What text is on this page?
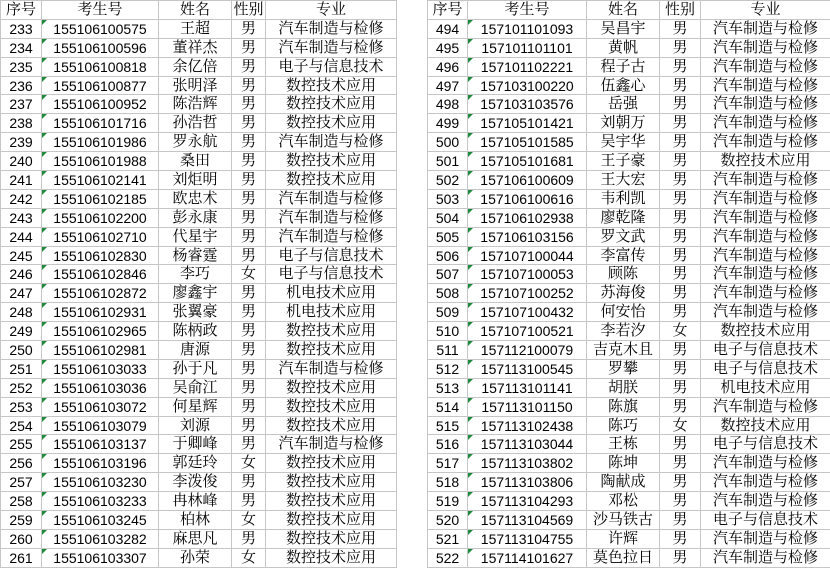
序号	考生号	姓名	性别	专业
233	155106100575	王超	男	汽车制造与检修
234	155106100596	董祥杰	男	汽车制造与检修
235	155106100818	余亿倍	男	电子与信息技术
236	155106100877	张明泽	男	数控技术应用
237	155106100952	陈浩辉	男	数控技术应用
238	155106101716	孙浩哲	男	数控技术应用
239	155106101986	罗永航	男	汽车制造与检修
240	155106101988	桑田	男	数控技术应用
241	155106102141	刘炬明	男	数控技术应用
242	155106102185	欧忠术	男	汽车制造与检修
243	155106102200	彭永康	男	汽车制造与检修
244	155106102710	代星宇	男	汽车制造与检修
245	155106102830	杨睿霆	男	电子与信息技术
246	155106102846	李巧	女	电子与信息技术
247	155106102872	廖鑫宇	男	机电技术应用
248	155106102931	张翼豪	男	机电技术应用
249	155106102965	陈柄政	男	数控技术应用
250	155106102981	唐源	男	数控技术应用
251	155106103033	孙于凡	男	汽车制造与检修
252	155106103036	吴俞江	男	数控技术应用
253	155106103072	何星辉	男	数控技术应用
254	155106103079	刘源	男	数控技术应用
255	155106103137	于卿峰	男	汽车制造与检修
256	155106103196	郭廷玲	女	数控技术应用
257	155106103230	李泼俊	男	数控技术应用
258	155106103233	冉林峰	男	数控技术应用
259	155106103245	柏林	女	数控技术应用
260	155106103282	麻思凡	男	数控技术应用
261	155106103307	孙荣	女	数控技术应用
序号	考生号	姓名	性别	专业
494	157101101093	吴昌宇	男	汽车制造与检修
495	157101101101	黄帆	男	汽车制造与检修
496	157101102221	程子古	男	汽车制造与检修
497	157103100220	伍鑫心	男	汽车制造与检修
498	157103103576	岳强	男	汽车制造与检修
499	157105101421	刘朝万	男	汽车制造与检修
500	157105101585	吴宇华	男	汽车制造与检修
501	157105101681	王子豪	男	数控技术应用
502	157106100609	王大宏	男	汽车制造与检修
503	157106100616	韦利凯	男	汽车制造与检修
504	157106102938	廖乾隆	男	汽车制造与检修
505	157106103156	罗文武	男	汽车制造与检修
506	157107100044	李富传	男	汽车制造与检修
507	157107100053	顾陈	男	汽车制造与检修
508	157107100252	苏海俊	男	汽车制造与检修
509	157107100432	何安怡	男	汽车制造与检修
510	157107100521	李若汐	女	数控技术应用
511	157112100079	吉克木且	男	电子与信息技术
512	157113100545	罗攀	男	电子与信息技术
513	157113101141	胡朕	男	机电技术应用
514	157113101150	陈旗	男	汽车制造与检修
515	157113102438	陈巧	女	数控技术应用
516	157113103044	王栋	男	电子与信息技术
517	157113103802	陈坤	男	汽车制造与检修
518	157113103806	陶献成	男	汽车制造与检修
519	157113104293	邓松	男	汽车制造与检修
520	157113104569	沙马铁古	男	电子与信息技术
521	157113104755	许辉	男	汽车制造与检修
522	157114101627	莫色拉日	男	汽车制造与检修
